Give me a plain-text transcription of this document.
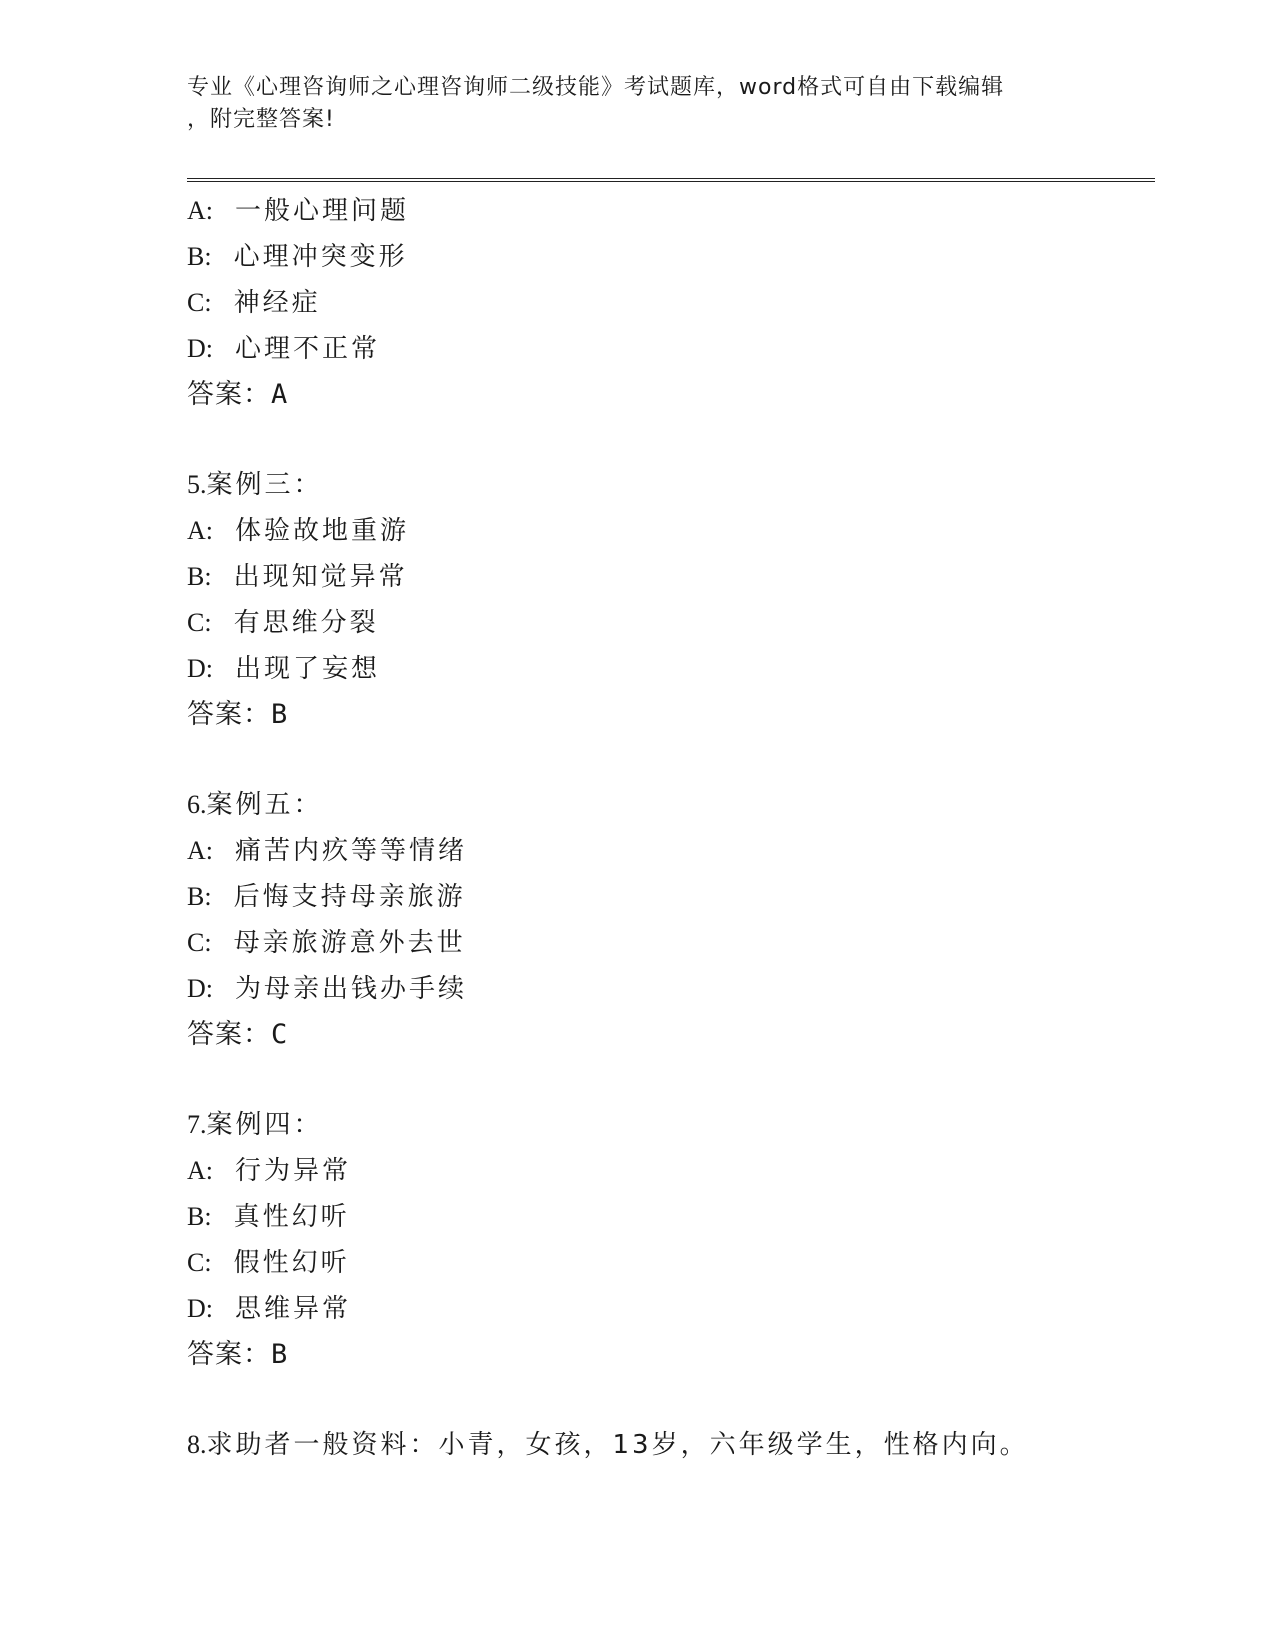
专业《心理咨询师之心理咨询师二级技能》考试题库，word格式可自由下载编辑
，附完整答案!
A: 一般心理问题
B: 心理冲突变形
C: 神经症
D: 心理不正常
答案：A
5.案例三：
A: 体验故地重游
B: 出现知觉异常
C: 有思维分裂
D: 出现了妄想
答案：B
6.案例五：
A: 痛苦内疚等等情绪
B: 后悔支持母亲旅游
C: 母亲旅游意外去世
D: 为母亲出钱办手续
答案：C
7.案例四：
A: 行为异常
B: 真性幻听
C: 假性幻听
D: 思维异常
答案：B
8.求助者一般资料：小青，女孩，13岁，六年级学生，性格内向。
